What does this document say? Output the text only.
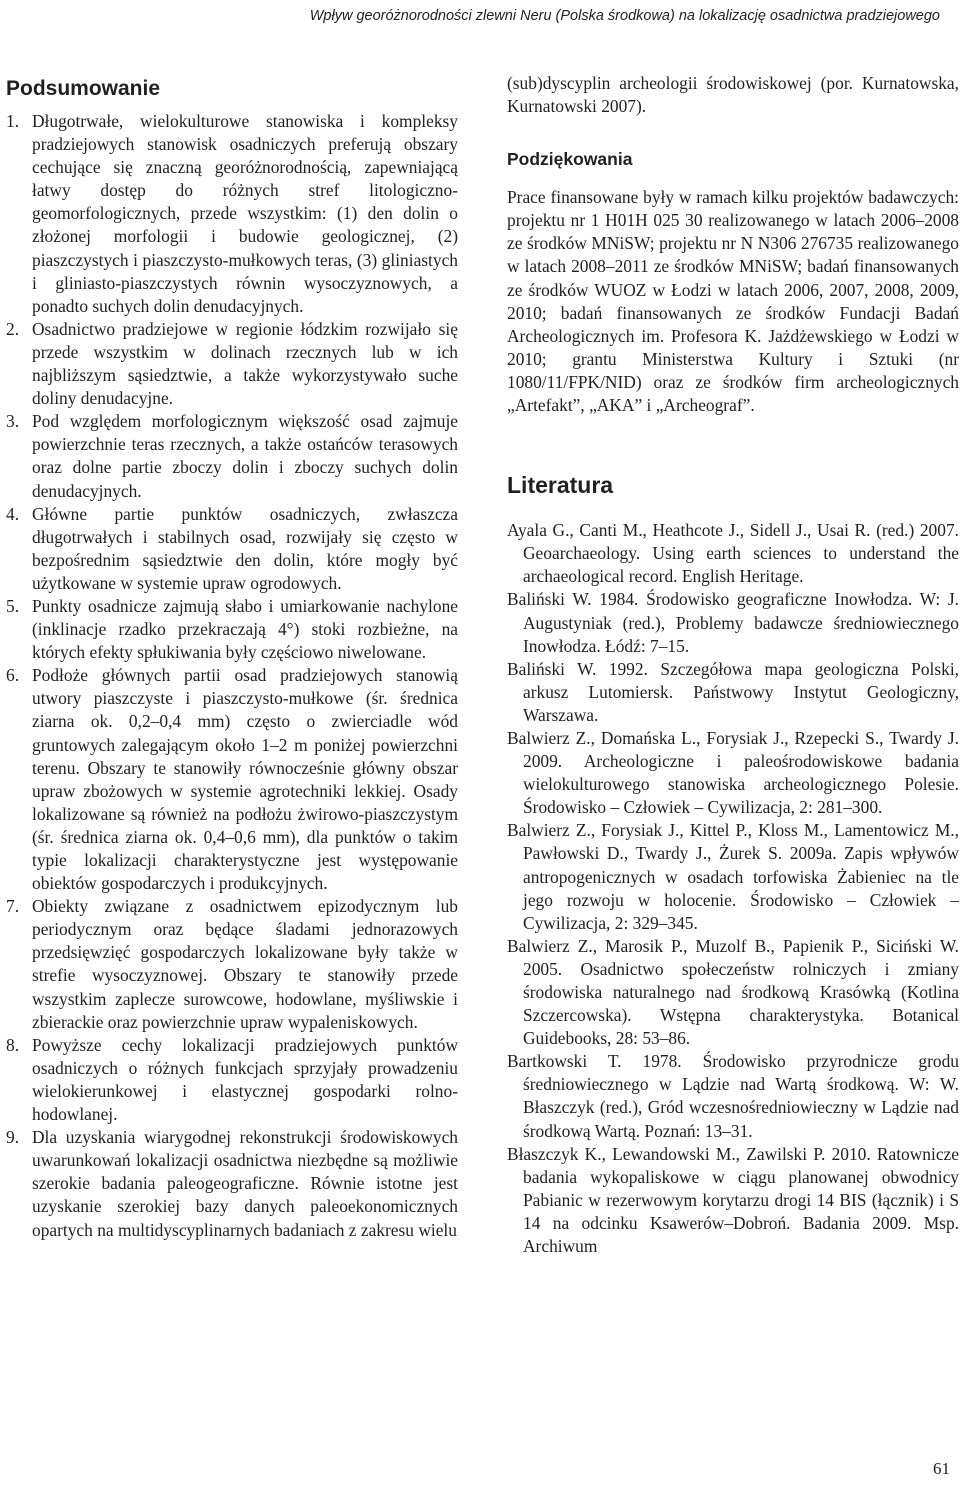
Wpływ georóżnorodności zlewni Neru (Polska środkowa) na lokalizację osadnictwa pradziejowego
Podsumowanie
1. Długotrwałe, wielokulturowe stanowiska i kompleksy pradziejowych stanowisk osadniczych preferują obszary cechujące się znaczną georóżnorodnością, zapewniającą łatwy dostęp do różnych stref litologiczno-geomorfologicznych, przede wszystkim: (1) den dolin o złożonej morfologii i budowie geologicznej, (2) piaszczystych i piaszczysto-mułkowych teras, (3) gliniastych i gliniasto-piaszczystych równin wysoczyznowych, a ponadto suchych dolin denudacyjnych.

2. Osadnictwo pradziejowe w regionie łódzkim rozwijało się przede wszystkim w dolinach rzecznych lub w ich najbliższym sąsiedztwie, a także wykorzystywało suche doliny denudacyjne.

3. Pod względem morfologicznym większość osad zajmuje powierzchnie teras rzecznych, a także ostańców terasowych oraz dolne partie zboczy dolin i zboczy suchych dolin denudacyjnych.

4. Główne partie punktów osadniczych, zwłaszcza długotrwałych i stabilnych osad, rozwijały się często w bezpośrednim sąsiedztwie den dolin, które mogły być użytkowane w systemie upraw ogrodowych.

5. Punkty osadnicze zajmują słabo i umiarkowanie nachylone (inklinacje rzadko przekraczają 4°) stoki rozbieżne, na których efekty spłukiwania były częściowo niwelowane.

6. Podłoże głównych partii osad pradziejowych stanowią utwory piaszczyste i piaszczysto-mułkowe (śr. średnica ziarna ok. 0,2–0,4 mm) często o zwierciadle wód gruntowych zalegającym około 1–2 m poniżej powierzchni terenu. Obszary te stanowiły równocześnie główny obszar upraw zbożowych w systemie agrotechniki lekkiej. Osady lokalizowane są również na podłożu żwirowo-piaszczystym (śr. średnica ziarna ok. 0,4–0,6 mm), dla punktów o takim typie lokalizacji charakterystyczne jest występowanie obiektów gospodarczych i produkcyjnych.

7. Obiekty związane z osadnictwem epizodycznym lub periodycznym oraz będące śladami jednorazowych przedsięwzięć gospodarczych lokalizowane były także w strefie wysoczyznowej. Obszary te stanowiły przede wszystkim zaplecze surowcowe, hodowlane, myśliwskie i zbierackie oraz powierzchnie upraw wypaleniskowych.

8. Powyższe cechy lokalizacji pradziejowych punktów osadniczych o różnych funkcjach sprzyjały prowadzeniu wielokierunkowej i elastycznej gospodarki rolno-hodowlanej.

9. Dla uzyskania wiarygodnej rekonstrukcji środowiskowych uwarunkowań lokalizacji osadnictwa niezbędne są możliwie szerokie badania paleogeograficzne. Równie istotne jest uzyskanie szerokiej bazy danych paleoekonomicznych opartych na multidyscyplinarnych badaniach z zakresu wielu

(sub)dyscyplin archeologii środowiskowej (por. Kurnatowska, Kurnatowski 2007).

Podziękowania

Prace finansowane były w ramach kilku projektów badawczych: projektu nr 1 H01H 025 30 realizowanego w latach 2006–2008 ze środków MNiSW; projektu nr N N306 276735 realizowanego w latach 2008–2011 ze środków MNiSW; badań finansowanych ze środków WUOZ w Łodzi w latach 2006, 2007, 2008, 2009, 2010; badań finansowanych ze środków Fundacji Badań Archeologicznych im. Profesora K. Jażdżewskiego w Łodzi w 2010; grantu Ministerstwa Kultury i Sztuki (nr 1080/11/FPK/NID) oraz ze środków firm archeologicznych „Artefakt”, „AKA” i „Archeograf”.

Literatura

Ayala G., Canti M., Heathcote J., Sidell J., Usai R. (red.) 2007. Geoarchaeology. Using earth sciences to understand the archaeological record. English Heritage.

Baliński W. 1984. Środowisko geograficzne Inowłodza. W: J. Augustyniak (red.), Problemy badawcze średniowiecznego Inowłodza. Łódź: 7–15.

Baliński W. 1992. Szczegółowa mapa geologiczna Polski, arkusz Lutomiersk. Państwowy Instytut Geologiczny, Warszawa.

Balwierz Z., Domańska L., Forysiak J., Rzepecki S., Twardy J. 2009. Archeologiczne i paleośrodowiskowe badania wielokulturowego stanowiska archeologicznego Polesie. Środowisko – Człowiek – Cywilizacja, 2: 281–300.

Balwierz Z., Forysiak J., Kittel P., Kloss M., Lamentowicz M., Pawłowski D., Twardy J., Żurek S. 2009a. Zapis wpływów antropogenicznych w osadach torfowiska Żabieniec na tle jego rozwoju w holocenie. Środowisko – Człowiek – Cywilizacja, 2: 329–345.

Balwierz Z., Marosik P., Muzolf B., Papienik P., Siciński W. 2005. Osadnictwo społeczeństw rolniczych i zmiany środowiska naturalnego nad środkową Krasówką (Kotlina Szczercowska). Wstępna charakterystyka. Botanical Guidebooks, 28: 53–86.

Bartkowski T. 1978. Środowisko przyrodnicze grodu średniowiecznego w Lądzie nad Wartą środkową. W: W. Błaszczyk (red.), Gród wczesnośredniowieczny w Lądzie nad środkową Wartą. Poznań: 13–31.

Błaszczyk K., Lewandowski M., Zawilski P. 2010. Ratownicze badania wykopaliskowe w ciągu planowanej obwodnicy Pabianic w rezerwowym korytarzu drogi 14 BIS (łącznik) i S 14 na odcinku Ksawerów–Dobroń. Badania 2009. Msp. Archiwum

61
